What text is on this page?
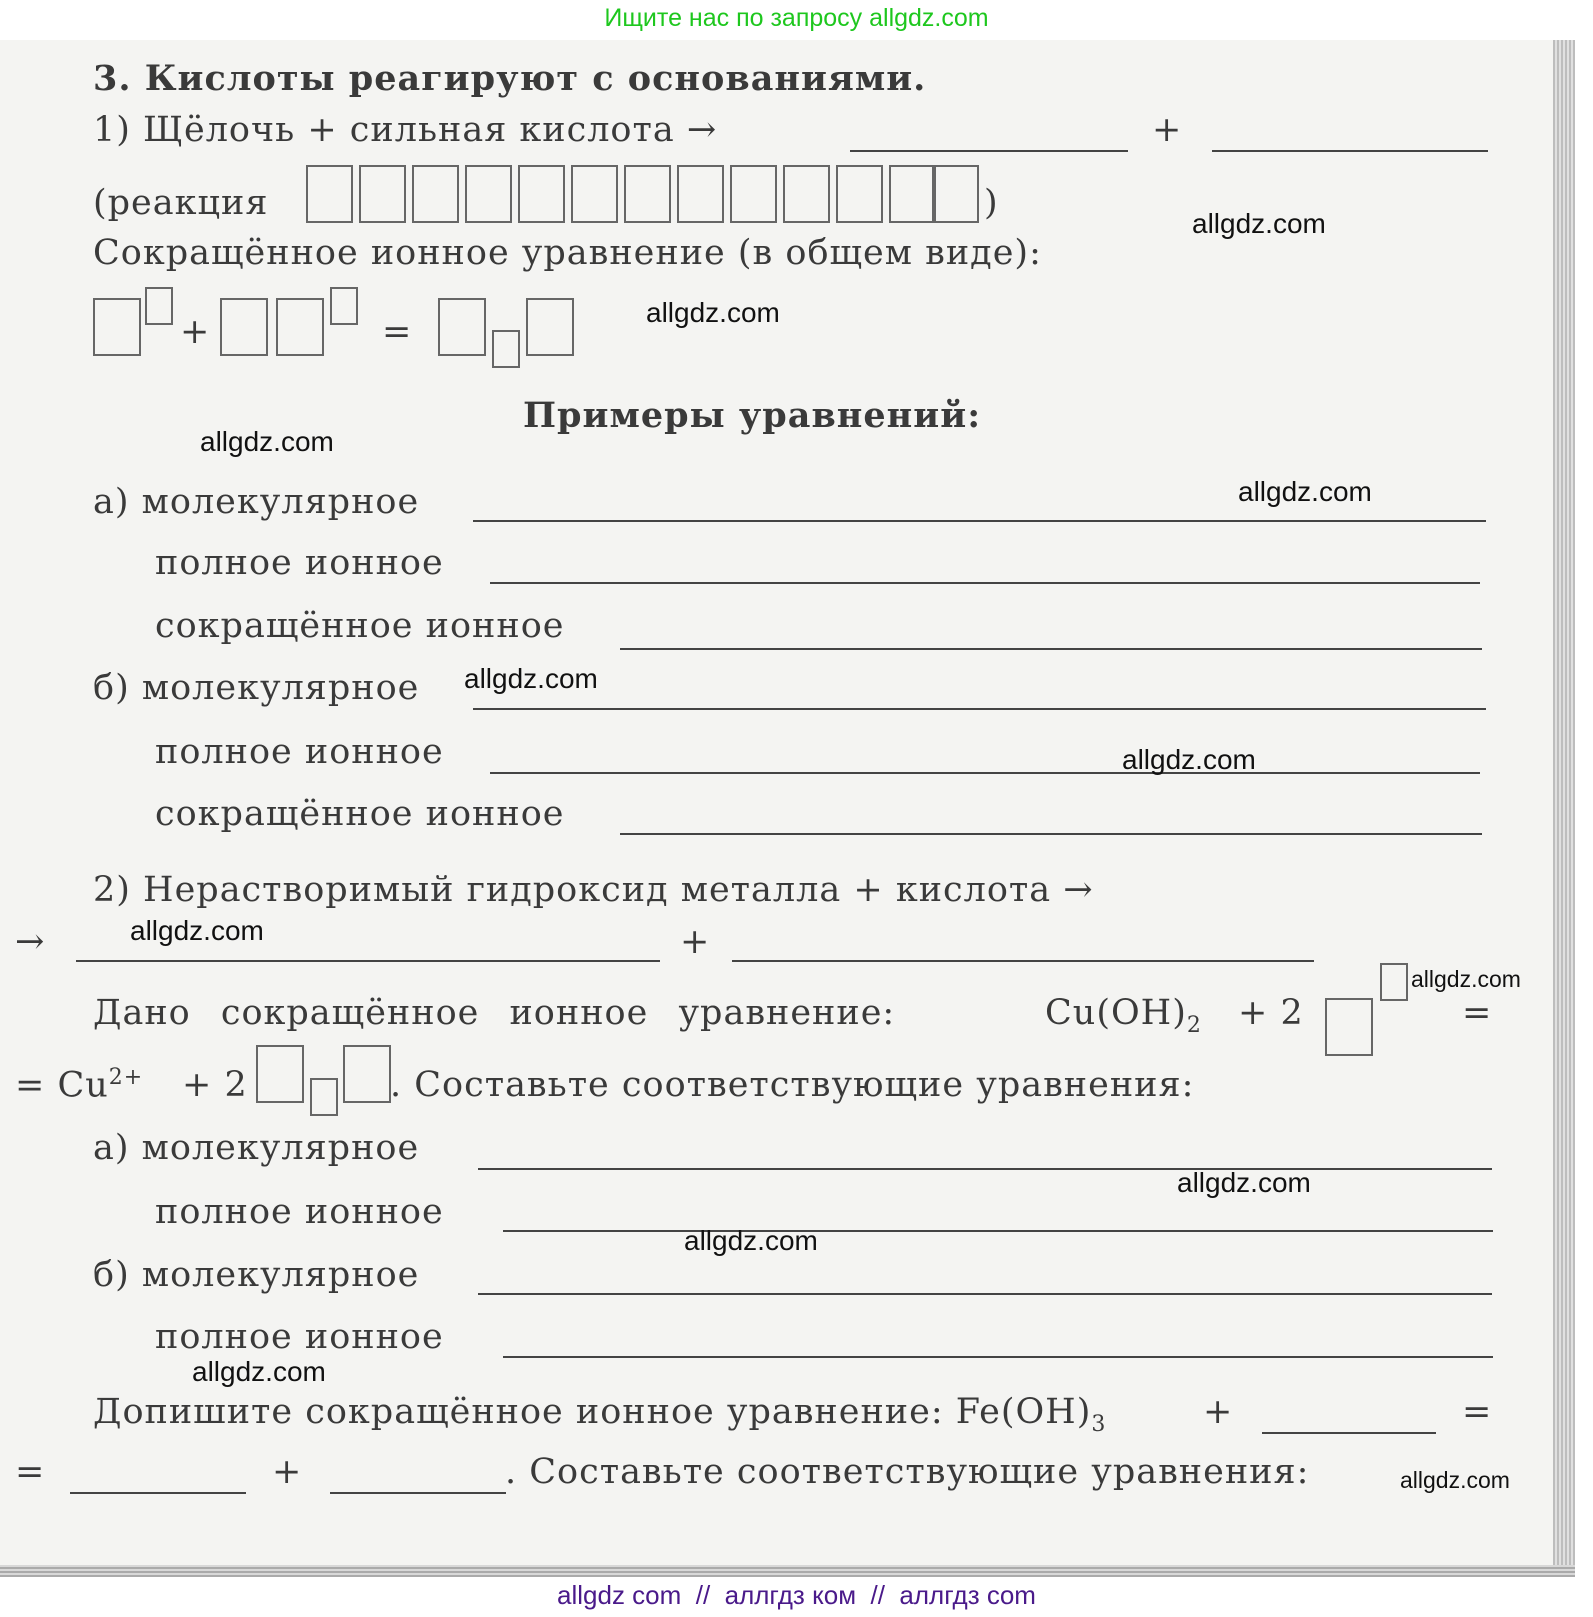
Ищите нас по запросу allgdz.com
3. Кислоты реагируют с основаниями.
1) Щёлочь + сильная кислота →	+
(реакция	)
Сокращённое ионное уравнение (в общем виде):
+	=
Примеры уравнений:
а) молекулярное
полное ионное
сокращённое ионное
б) молекулярное
полное ионное
сокращённое ионное
2) Нерастворимый гидроксид металла + кислота →
→	+
Дано сокращённое ионное уравнение:	$Cu(OH)_2 + 2$	=
= $Cu^{2+} + 2$	. Составьте соответствующие уравнения:
а) молекулярное
полное ионное
б) молекулярное
полное ионное
Допишите сокращённое ионное уравнение: $Fe(OH)_3$	+	=
=	+	. Составьте соответствующие уравнения:
allgdz.com
allgdz.com
allgdz.com
allgdz.com
allgdz.com
allgdz.com
allgdz.com
allgdz.com
allgdz.com
allgdz.com
allgdz.com
allgdz.com
allgdz com  //  аллгдз ком  //  аллгдз com
